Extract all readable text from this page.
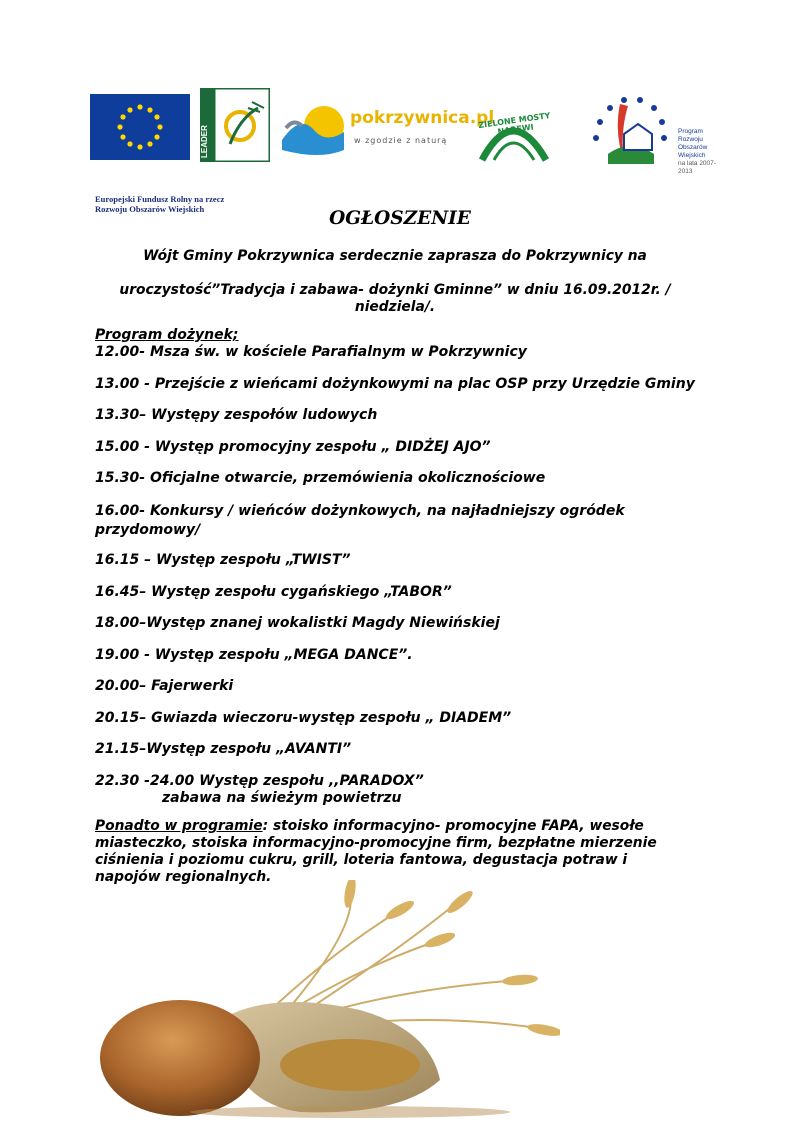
LEADER
pokrzywnica.pl
w zgodzie z naturą
ZIELONE MOSTY NAREWI	Program
Rozwoju
Obszarów
Wiejskich
na lata 2007-2013
Europejski Fundusz Rolny na rzecz
Rozwoju Obszarów Wiejskich	OGŁOSZENIE
Wójt Gminy Pokrzywnica serdecznie zaprasza do Pokrzywnicy na
uroczystość”Tradycja i zabawa- dożynki Gminne” w dniu 16.09.2012r. /
niedziela/.
Program dożynek;
12.00- Msza św. w kościele Parafialnym w Pokrzywnicy
13.00 - Przejście z wieńcami dożynkowymi na plac OSP przy Urzędzie Gminy
13.30– Występy zespołów ludowych
15.00 - Występ promocyjny zespołu „ DIDŻEJ AJO”
15.30- Oficjalne otwarcie, przemówienia okolicznościowe
16.00- Konkursy / wieńców dożynkowych, na najładniejszy ogródek przydomowy/
16.15 – Występ zespołu „TWIST”
16.45– Występ zespołu cygańskiego „TABOR”
18.00–Występ znanej wokalistki Magdy Niewińskiej
19.00 - Występ zespołu „MEGA DANCE”.
20.00– Fajerwerki
20.15– Gwiazda wieczoru-występ zespołu „ DIADEM”
21.15–Występ zespołu „AVANTI”
22.30 -24.00 Występ zespołu ,,PARADOX”
zabawa na świeżym powietrzu
Ponadto w programie: stoisko informacyjno- promocyjne FAPA, wesołe miasteczko, stoiska informacyjno-promocyjne firm, bezpłatne mierzenie ciśnienia i poziomu cukru, grill, loteria fantowa, degustacja potraw i napojów regionalnych.
